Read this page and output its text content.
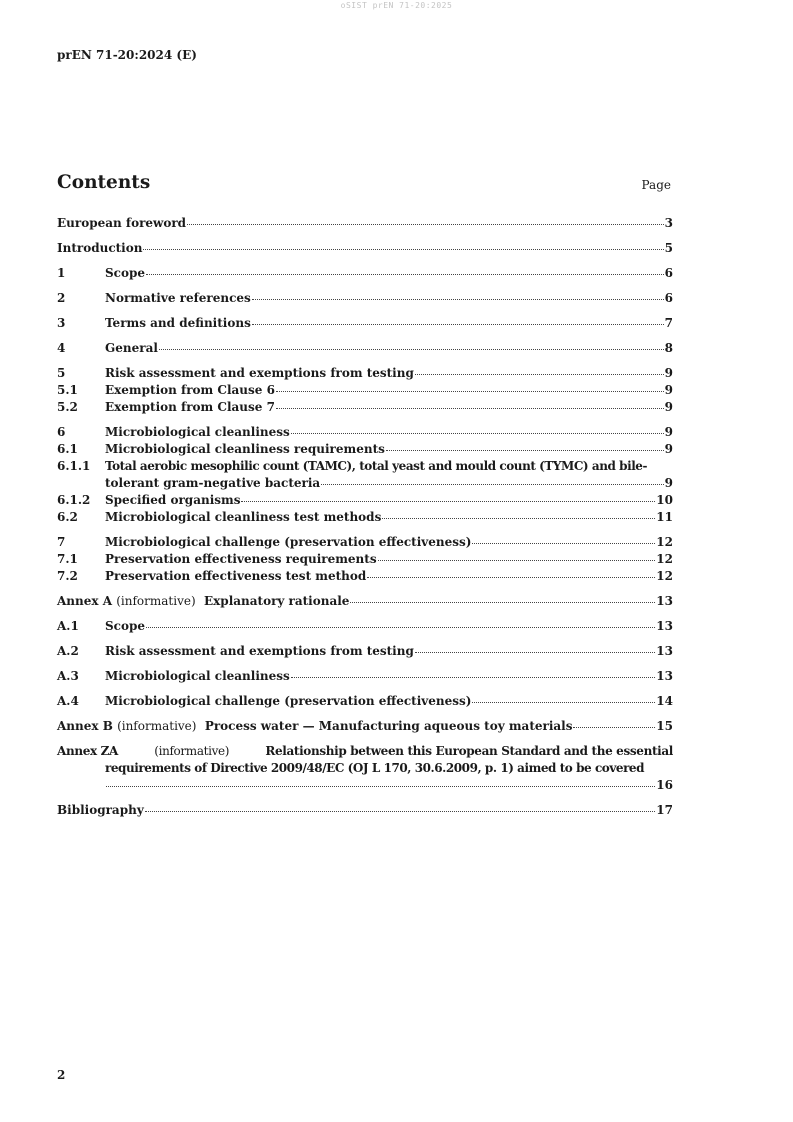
oSIST prEN 71-20:2025
prEN 71-20:2024 (E)
Contents	Page
European foreword	3
Introduction	5
1	Scope	6
2	Normative references	6
3	Terms and definitions	7
4	General	8
5	Risk assessment and exemptions from testing	9
5.1	Exemption from Clause 6	9
5.2	Exemption from Clause 7	9
6	Microbiological cleanliness	9
6.1	Microbiological cleanliness requirements	9
6.1.1	Total aerobic mesophilic count (TAMC), total yeast and mould count (TYMC) and bile-
tolerant gram-negative bacteria	9
6.1.2	Specified organisms	10
6.2	Microbiological cleanliness test methods	11
7	Microbiological challenge (preservation effectiveness)	12
7.1	Preservation effectiveness requirements	12
7.2	Preservation effectiveness test method	12
Annex A (informative) Explanatory rationale	13
A.1	Scope	13
A.2	Risk assessment and exemptions from testing	13
A.3	Microbiological cleanliness	13
A.4	Microbiological challenge (preservation effectiveness)	14
Annex B (informative) Process water — Manufacturing aqueous toy materials	15
Annex ZA	(informative)	Relationship between this European Standard and the essential
requirements of Directive 2009/48/EC (OJ L 170, 30.6.2009, p. 1) aimed to be covered
16
Bibliography	17
2
